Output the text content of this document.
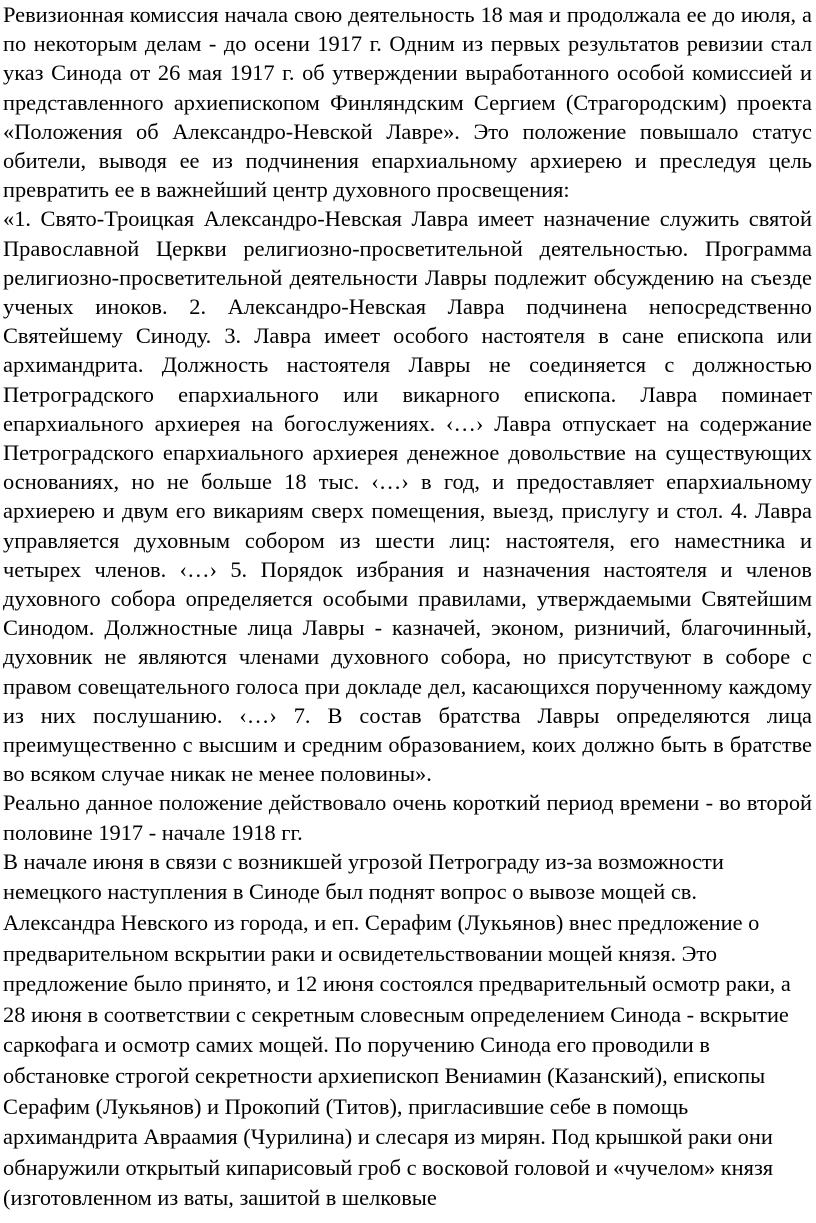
Ревизионная комиссия начала свою деятельность 18 мая и продолжала ее до июля, а по некоторым делам - до осени 1917 г. Одним из первых результатов ревизии стал указ Синода от 26 мая 1917 г. об утверждении выработанного особой комиссией и представленного архиепископом Финляндским Сергием (Страгородским) проекта «Положения об Александро-Невской Лавре». Это положение повышало статус обители, выводя ее из подчинения епархиальному архиерею и преследуя цель превратить ее в важнейший центр духовного просвещения:

«1. Свято-Троицкая Александро-Невская Лавра имеет назначение служить святой Православной Церкви религиозно-просветительной деятельностью. Программа религиозно-просветительной деятельности Лавры подлежит обсуждению на съезде ученых иноков. 2. Александро-Невская Лавра подчинена непосредственно Святейшему Синоду. 3. Лавра имеет особого настоятеля в сане епископа или архимандрита. Должность настоятеля Лавры не соединяется с должностью Петроградского епархиального или викарного епископа. Лавра поминает епархиального архиерея на богослужениях. ‹…› Лавра отпускает на содержание Петроградского епархиального архиерея денежное довольствие на существующих основаниях, но не больше 18 тыс. ‹…› в год, и предоставляет епархиальному архиерею и двум его викариям сверх помещения, выезд, прислугу и стол. 4. Лавра управляется духовным собором из шести лиц: настоятеля, его наместника и четырех членов. ‹…› 5. Порядок избрания и назначения настоятеля и членов духовного собора определяется особыми правилами, утверждаемыми Святейшим Синодом. Должностные лица Лавры - казначей, эконом, ризничий, благочинный, духовник не являются членами духовного собора, но присутствуют в соборе с правом совещательного голоса при докладе дел, касающихся порученному каждому из них послушанию. ‹…› 7. В состав братства Лавры определяются лица преимущественно с высшим и средним образованием, коих должно быть в братстве во всяком случае никак не менее половины».

Реально данное положение действовало очень короткий период времени - во второй половине 1917 - начале 1918 гг.

В начале июня в связи с возникшей угрозой Петрограду из-за возможности немецкого наступления в Синоде был поднят вопрос о вывозе мощей св. Александра Невского из города, и еп. Серафим (Лукьянов) внес предложение о предварительном вскрытии раки и освидетельствовании мощей князя. Это предложение было принято, и 12 июня состоялся предварительный осмотр раки, а 28 июня в соответствии с секретным словесным определением Синода - вскрытие саркофага и осмотр самих мощей. По поручению Синода его проводили в обстановке строгой секретности архиепископ Вениамин (Казанский), епископы Серафим (Лукьянов) и Прокопий (Титов), пригласившие себе в помощь архимандрита Авраамия (Чурилина) и слесаря из мирян. Под крышкой раки они обнаружили открытый кипарисовый гроб с восковой головой и «чучелом» князя (изготовленном из ваты, зашитой в шелковые
